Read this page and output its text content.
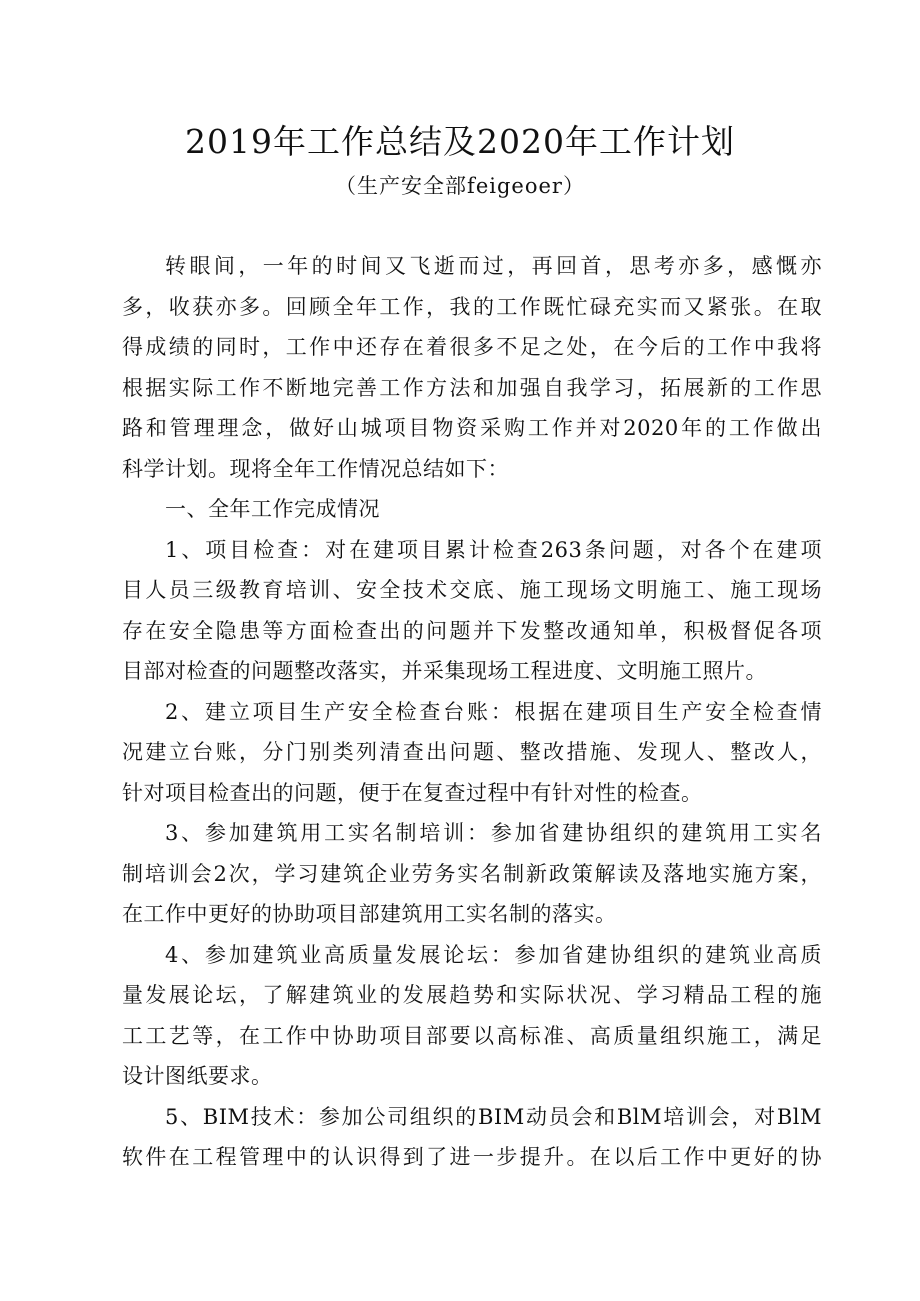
2019年工作总结及2020年工作计划
（生产安全部feigeoer）
转眼间，一年的时间又飞逝而过，再回首，思考亦多，感慨亦
多，收获亦多。回顾全年工作，我的工作既忙碌充实而又紧张。在取
得成绩的同时，工作中还存在着很多不足之处，在今后的工作中我将
根据实际工作不断地完善工作方法和加强自我学习，拓展新的工作思
路和管理理念，做好山城项目物资采购工作并对2020年的工作做出
科学计划。现将全年工作情况总结如下：
一、全年工作完成情况
1、项目检查：对在建项目累计检查263条问题，对各个在建项
目人员三级教育培训、安全技术交底、施工现场文明施工、施工现场
存在安全隐患等方面检查出的问题并下发整改通知单，积极督促各项
目部对检查的问题整改落实，并采集现场工程进度、文明施工照片。
2、建立项目生产安全检查台账：根据在建项目生产安全检查情
况建立台账，分门别类列清查出问题、整改措施、发现人、整改人，
针对项目检查出的问题，便于在复查过程中有针对性的检查。
3、参加建筑用工实名制培训：参加省建协组织的建筑用工实名
制培训会2次，学习建筑企业劳务实名制新政策解读及落地实施方案，
在工作中更好的协助项目部建筑用工实名制的落实。
4、参加建筑业高质量发展论坛：参加省建协组织的建筑业高质
量发展论坛，了解建筑业的发展趋势和实际状况、学习精品工程的施
工工艺等，在工作中协助项目部要以高标准、高质量组织施工，满足
设计图纸要求。
5、BIM技术：参加公司组织的BIM动员会和BlM培训会，对BlM
软件在工程管理中的认识得到了进一步提升。在以后工作中更好的协
